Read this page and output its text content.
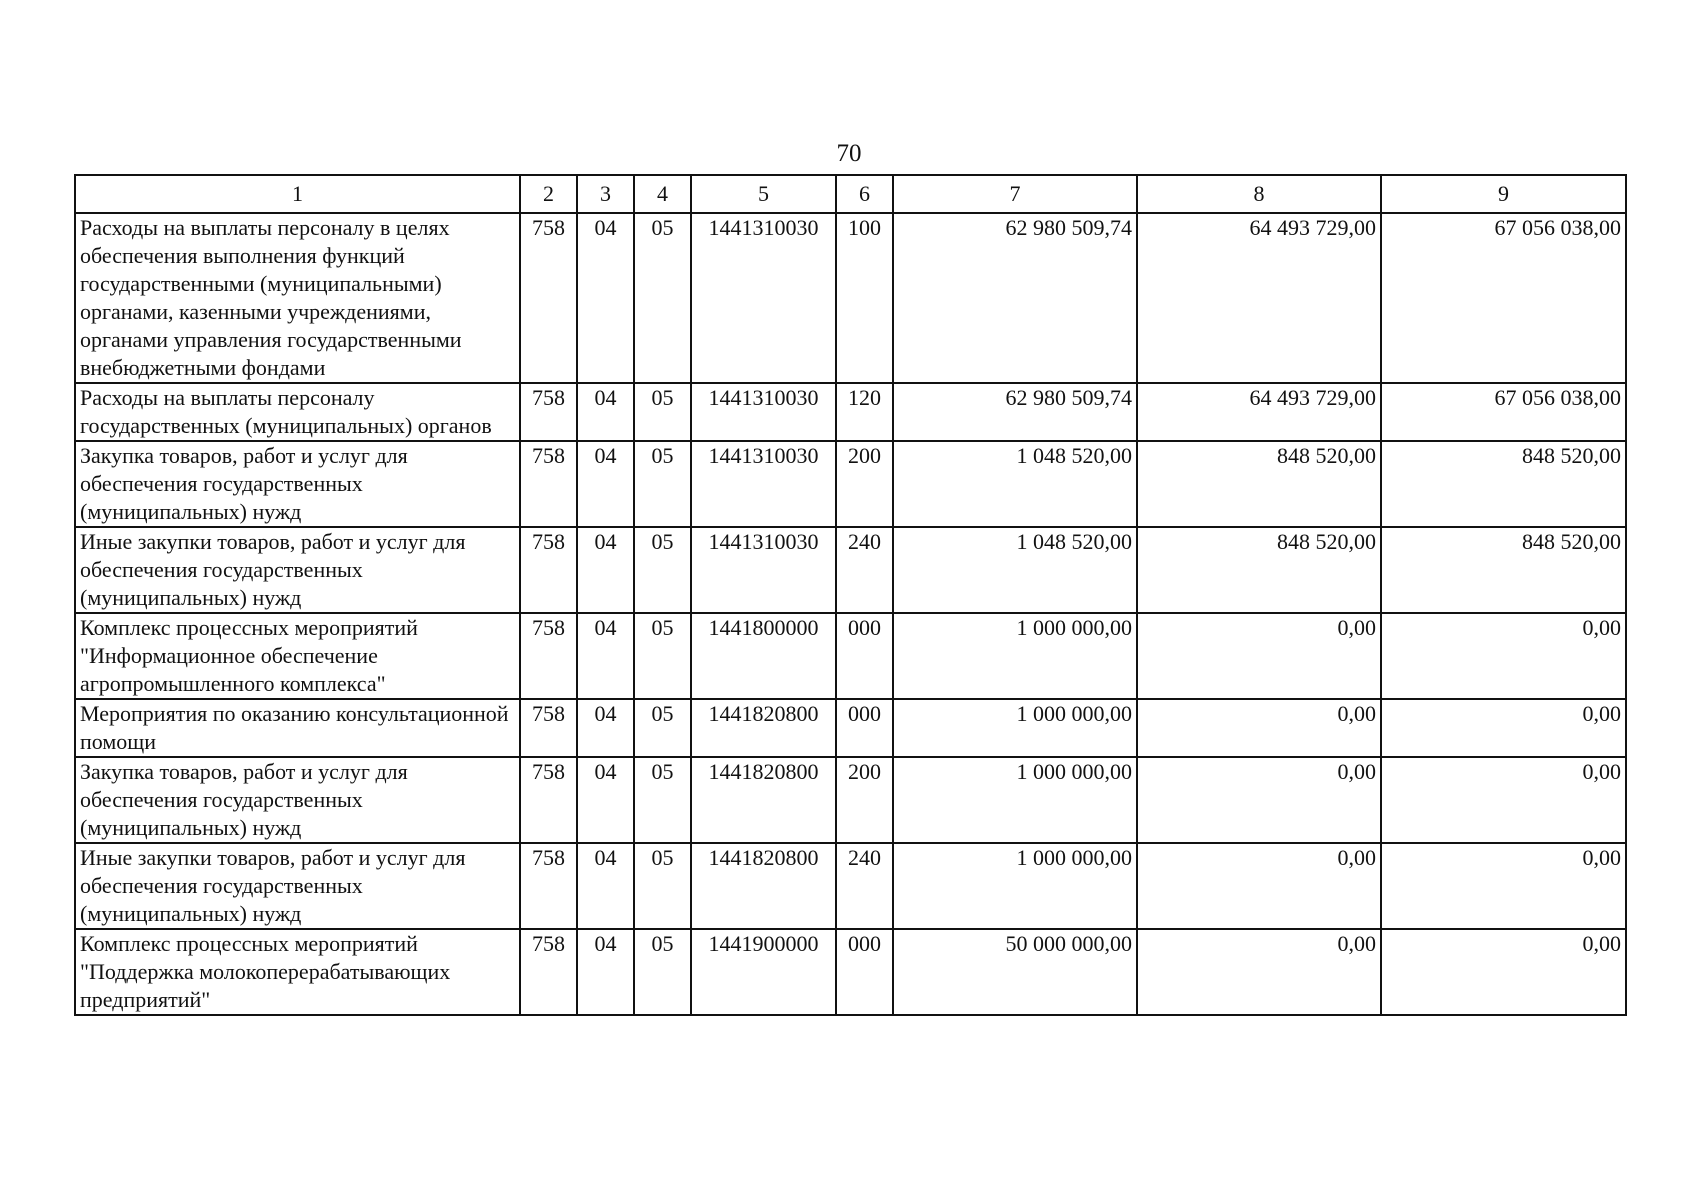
70
1	2	3	4	5	6	7	8	9
Расходы на выплаты персоналу в целях обеспечения выполнения функций государственными (муниципальными) органами, казенными учреждениями, органами управления государственными внебюджетными фондами	758	04	05	1441310030	100	62 980 509,74	64 493 729,00	67 056 038,00
Расходы на выплаты персоналу государственных (муниципальных) органов	758	04	05	1441310030	120	62 980 509,74	64 493 729,00	67 056 038,00
Закупка товаров, работ и услуг для обеспечения государственных (муниципальных) нужд	758	04	05	1441310030	200	1 048 520,00	848 520,00	848 520,00
Иные закупки товаров, работ и услуг для обеспечения государственных (муниципальных) нужд	758	04	05	1441310030	240	1 048 520,00	848 520,00	848 520,00
Комплекс процессных мероприятий "Информационное обеспечение агропромышленного комплекса"	758	04	05	1441800000	000	1 000 000,00	0,00	0,00
Мероприятия по оказанию консультационной помощи	758	04	05	1441820800	000	1 000 000,00	0,00	0,00
Закупка товаров, работ и услуг для обеспечения государственных (муниципальных) нужд	758	04	05	1441820800	200	1 000 000,00	0,00	0,00
Иные закупки товаров, работ и услуг для обеспечения государственных (муниципальных) нужд	758	04	05	1441820800	240	1 000 000,00	0,00	0,00
Комплекс процессных мероприятий "Поддержка молокоперерабатывающих предприятий"	758	04	05	1441900000	000	50 000 000,00	0,00	0,00
